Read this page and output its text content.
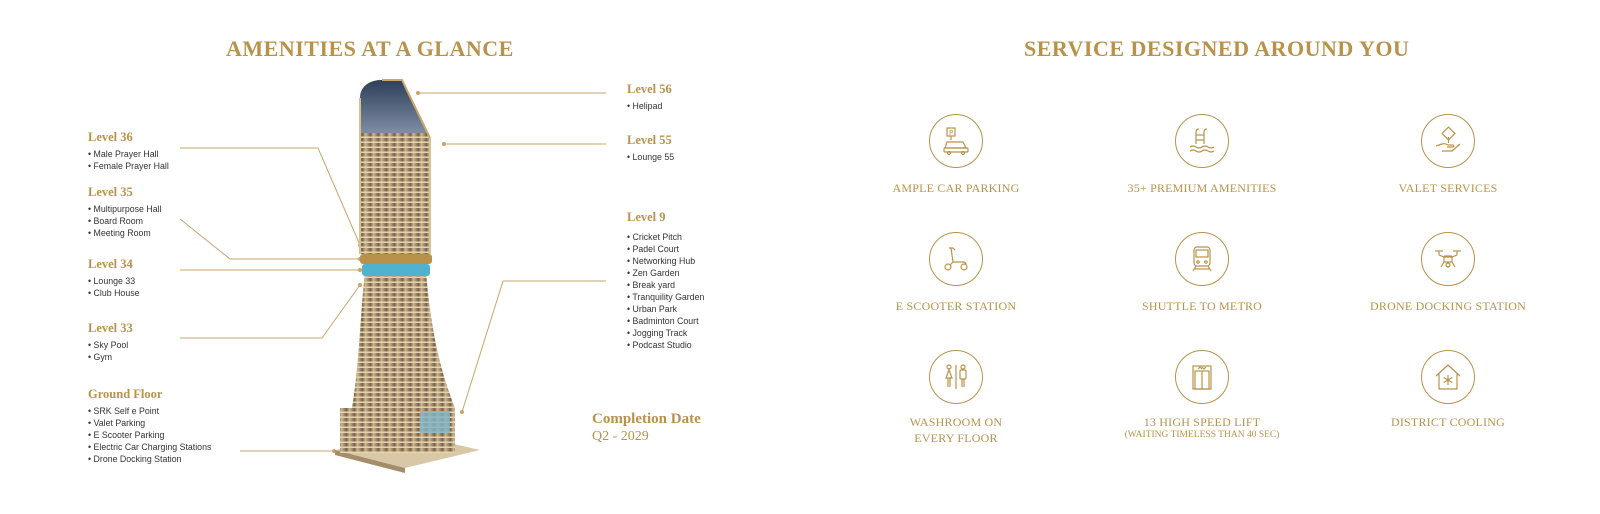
AMENITIES AT A GLANCE
Level 36
• Male Prayer Hall
• Female Prayer Hall
Level 35
• Multipurpose Hall
• Board Room
• Meeting Room
Level 34
• Lounge 33
• Club House
Level 33
• Sky Pool
• Gym
Ground Floor
• SRK Self e Point
• Valet Parking
• E Scooter Parking
• Electric Car Charging Stations
• Drone Docking Station
Level 56
• Helipad
Level 55
• Lounge 55
Level 9
• Cricket Pitch
• Padel Court
• Networking Hub
• Zen Garden
• Break yard
• Tranquility Garden
• Urban Park
• Badminton Court
• Jogging Track
• Podcast Studio
Completion Date
Q2 - 2029
SERVICE DESIGNED AROUND YOU
P
AMPLE CAR PARKING	35+ PREMIUM AMENITIES	VALET SERVICES
E SCOOTER STATION	SHUTTLE TO METRO	DRONE DOCKING STATION
WASHROOM ON EVERY FLOOR
13 HIGH SPEED LIFT
(WAITING TIMELESS THAN 40 SEC)
DISTRICT COOLING
